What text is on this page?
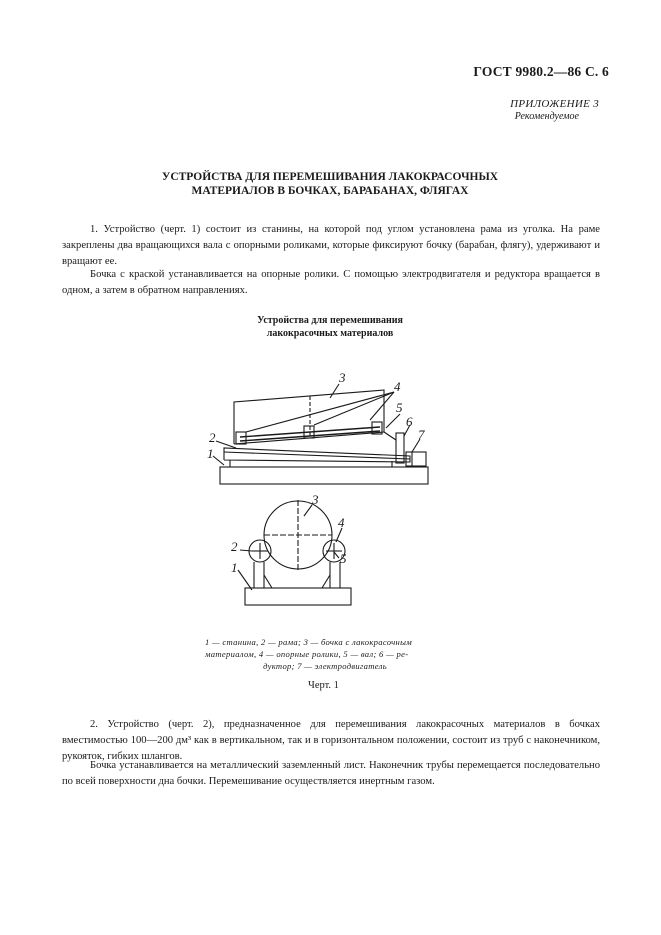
ГОСТ 9980.2—86 С. 6
ПРИЛОЖЕНИЕ 3
Рекомендуемое
УСТРОЙСТВА ДЛЯ ПЕРЕМЕШИВАНИЯ ЛАКОКРАСОЧНЫХ
МАТЕРИАЛОВ В БОЧКАХ, БАРАБАНАХ, ФЛЯГАХ
1. Устройство (черт. 1) состоит из станины, на которой под углом установлена рама из уголка. На раме закреплены два вращающихся вала с опорными роликами, которые фиксируют бочку (барабан, флягу), удерживают и вращают ее.
Бочка с краской устанавливается на опорные ролики. С помощью электродвигателя и редуктора вращается в одном, а затем в обратном направлениях.
Устройства для перемешивания
лакокрасочных материалов
3
4
5
6
7
2
1
3
4
5
2
1
1 — станина, 2 — рама; 3 — бочка с лакокрасочным
материалом, 4 — опорные ролики, 5 — вал; 6 — ре-
дуктор; 7 — электродвигатель
Черт. 1
2. Устройство (черт. 2), предназначенное для перемешивания лакокрасочных материалов в бочках вместимостью 100—200 дм³ как в вертикальном, так и в горизонтальном положении, состоит из труб с наконечником, рукояток, гибких шлангов.
Бочка устанавливается на металлический заземленный лист. Наконечник трубы перемещается последовательно по всей поверхности дна бочки. Перемешивание осуществляется инертным газом.
